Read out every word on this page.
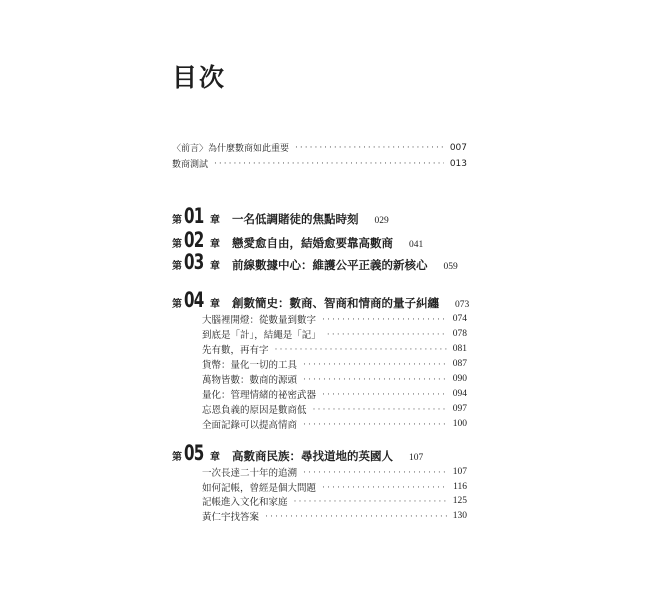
目次
〈前言〉為什麼數商如此重要 ·····	007
數商測試 ·····	013
第 01 章 一名低調賭徒的焦點時刻 029
第 02 章 戀愛愈自由，結婚愈要靠高數商 041
第 03 章 前線數據中心：維護公平正義的新核心 059
第 04 章 創數簡史：數商、智商和情商的量子糾纏 073
大腦裡開燈：從數量到數字 ·····	074
到底是「計」，結繩是「記」 ·····	078
先有數，再有字 ·····	081
貨幣：量化一切的工具 ·····	087
萬物皆數：數商的源頭 ·····	090
量化：管理情緒的祕密武器 ·····	094
忘恩負義的原因是數商低 ·····	097
全面記錄可以提高情商 ·····	100
第 05 章 高數商民族：尋找道地的英國人 107
一次長達二十年的追溯 ·····	107
如何記帳，曾經是個大問題 ·····	116
記帳進入文化和家庭 ·····	125
黃仁宇找答案 ·····	130
